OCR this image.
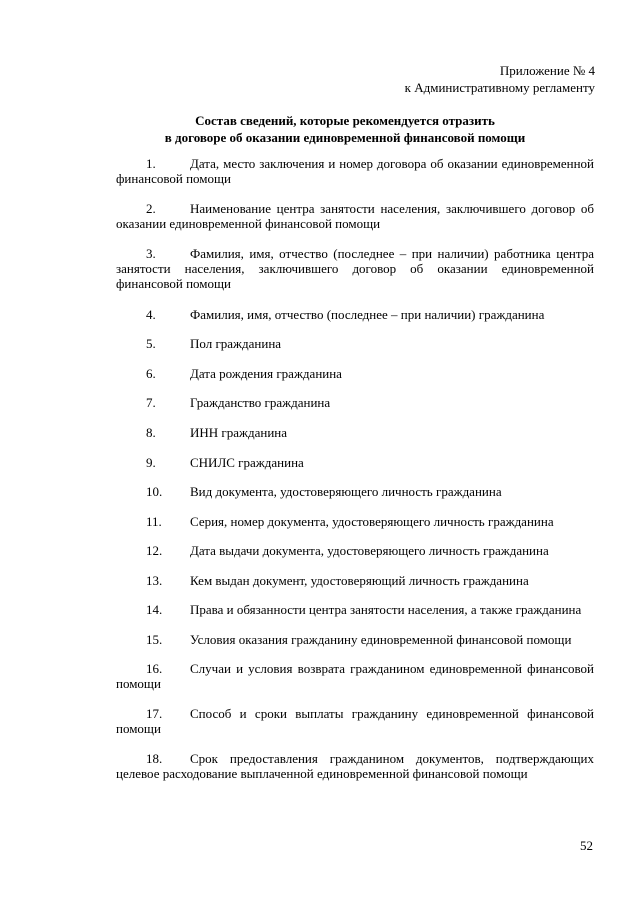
Приложение № 4
к Административному регламенту
Состав сведений, которые рекомендуется отразить
в договоре об оказании единовременной финансовой помощи
1.	Дата, место заключения и номер договора об оказании единовременной финансовой помощи
2.	Наименование центра занятости населения, заключившего договор об оказании единовременной финансовой помощи
3.	Фамилия, имя, отчество (последнее – при наличии) работника центра занятости населения, заключившего договор об оказании единовременной финансовой помощи
4.	Фамилия, имя, отчество (последнее – при наличии) гражданина
5.	Пол гражданина
6.	Дата рождения гражданина
7.	Гражданство гражданина
8.	ИНН гражданина
9.	СНИЛС гражданина
10. Вид документа, удостоверяющего личность гражданина
11. Серия, номер документа, удостоверяющего личность гражданина
12. Дата выдачи документа, удостоверяющего личность гражданина
13. Кем выдан документ, удостоверяющий личность гражданина
14. Права и обязанности центра занятости населения, а также гражданина
15. Условия оказания гражданину единовременной финансовой помощи
16. Случаи и условия возврата гражданином единовременной финансовой помощи
17. Способ и сроки выплаты гражданину единовременной финансовой помощи
18. Срок предоставления гражданином документов, подтверждающих целевое расходование выплаченной единовременной финансовой помощи
52
